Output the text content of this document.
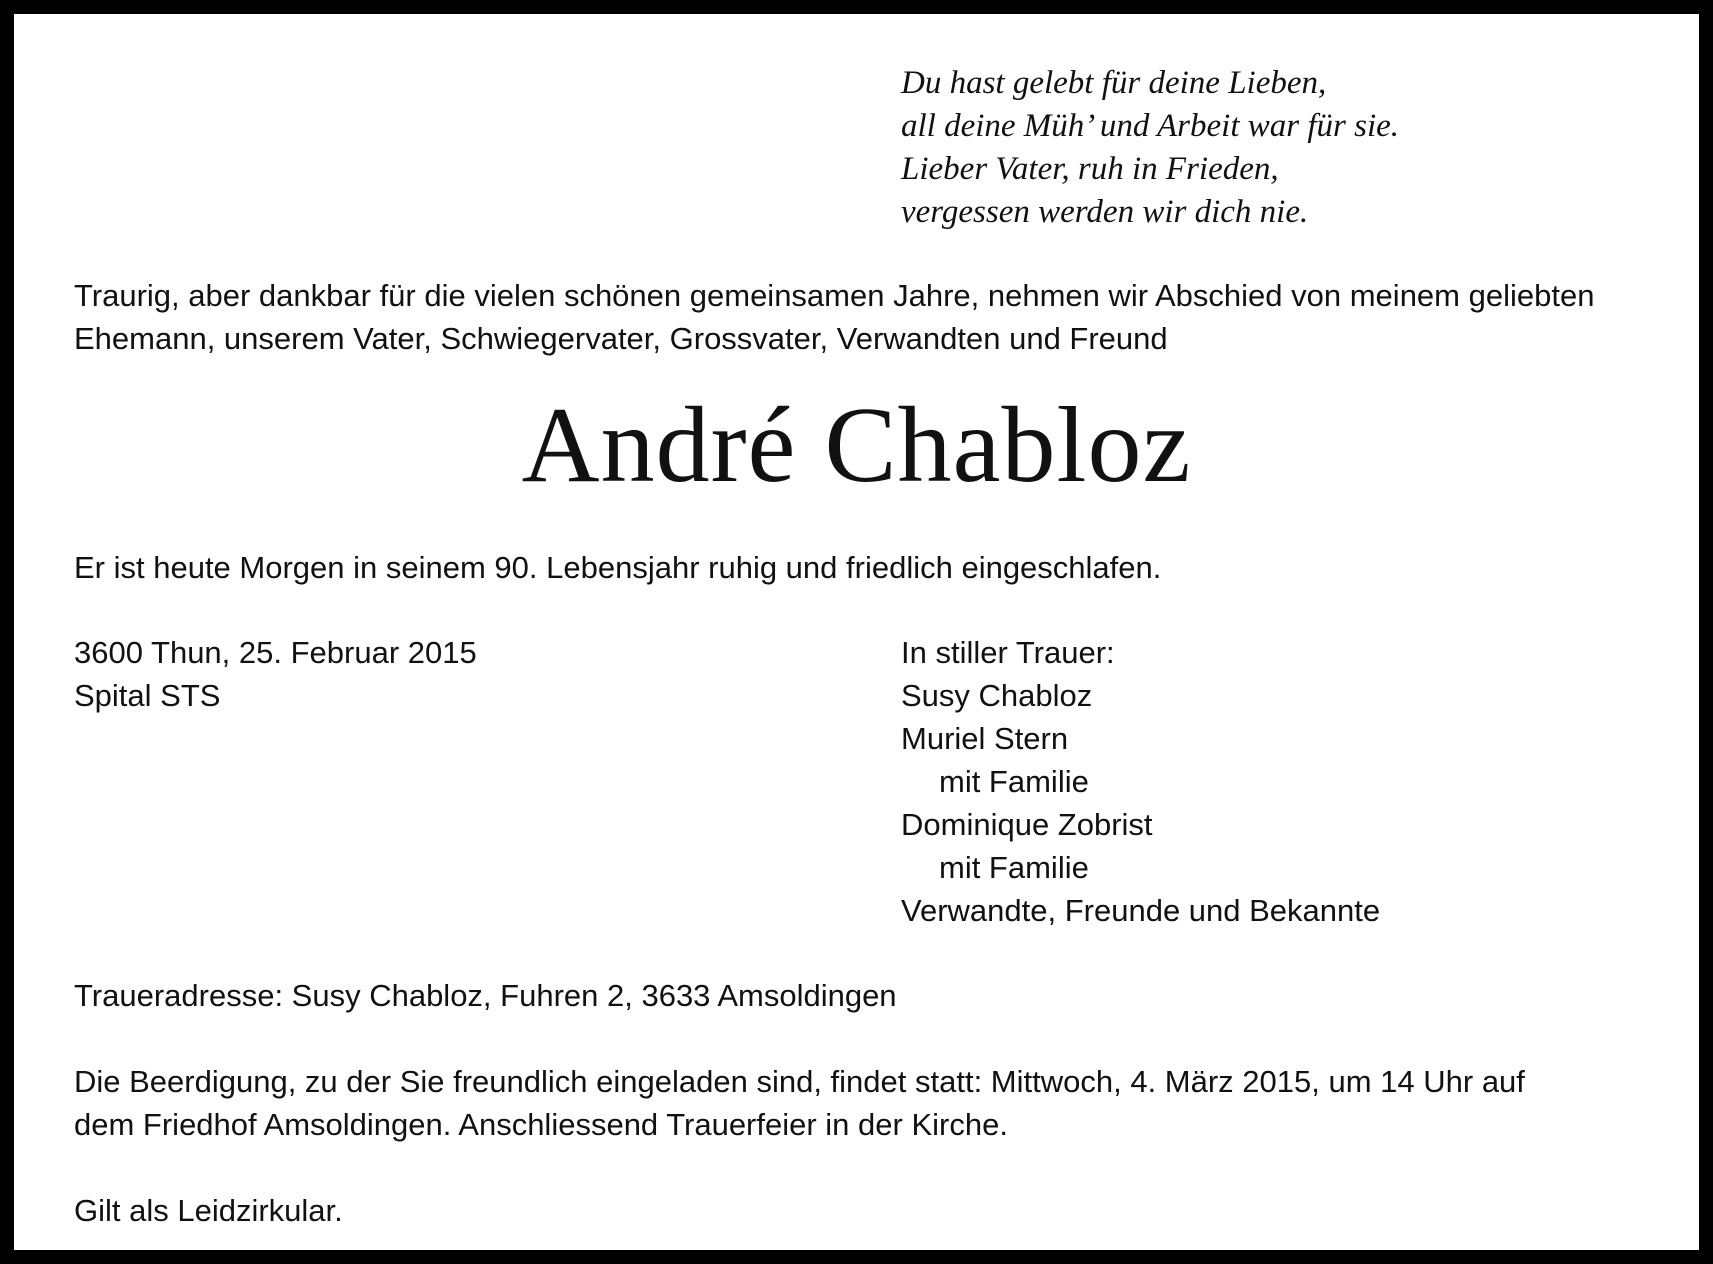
Du hast gelebt für deine Lieben,
all deine Müh’ und Arbeit war für sie.
Lieber Vater, ruh in Frieden,
vergessen werden wir dich nie.
Traurig, aber dankbar für die vielen schönen gemeinsamen Jahre, nehmen wir Abschied von meinem geliebten
Ehemann, unserem Vater, Schwiegervater, Grossvater, Verwandten und Freund
André Chabloz
Er ist heute Morgen in seinem 90. Lebensjahr ruhig und friedlich eingeschlafen.
3600 Thun, 25. Februar 2015
Spital STS
In stiller Trauer:
Susy Chabloz
Muriel Stern
mit Familie
Dominique Zobrist
mit Familie
Verwandte, Freunde und Bekannte
Traueradresse: Susy Chabloz, Fuhren 2, 3633 Amsoldingen
Die Beerdigung, zu der Sie freundlich eingeladen sind, findet statt: Mittwoch, 4. März 2015, um 14 Uhr auf
dem Friedhof Amsoldingen. Anschliessend Trauerfeier in der Kirche.
Gilt als Leidzirkular.
